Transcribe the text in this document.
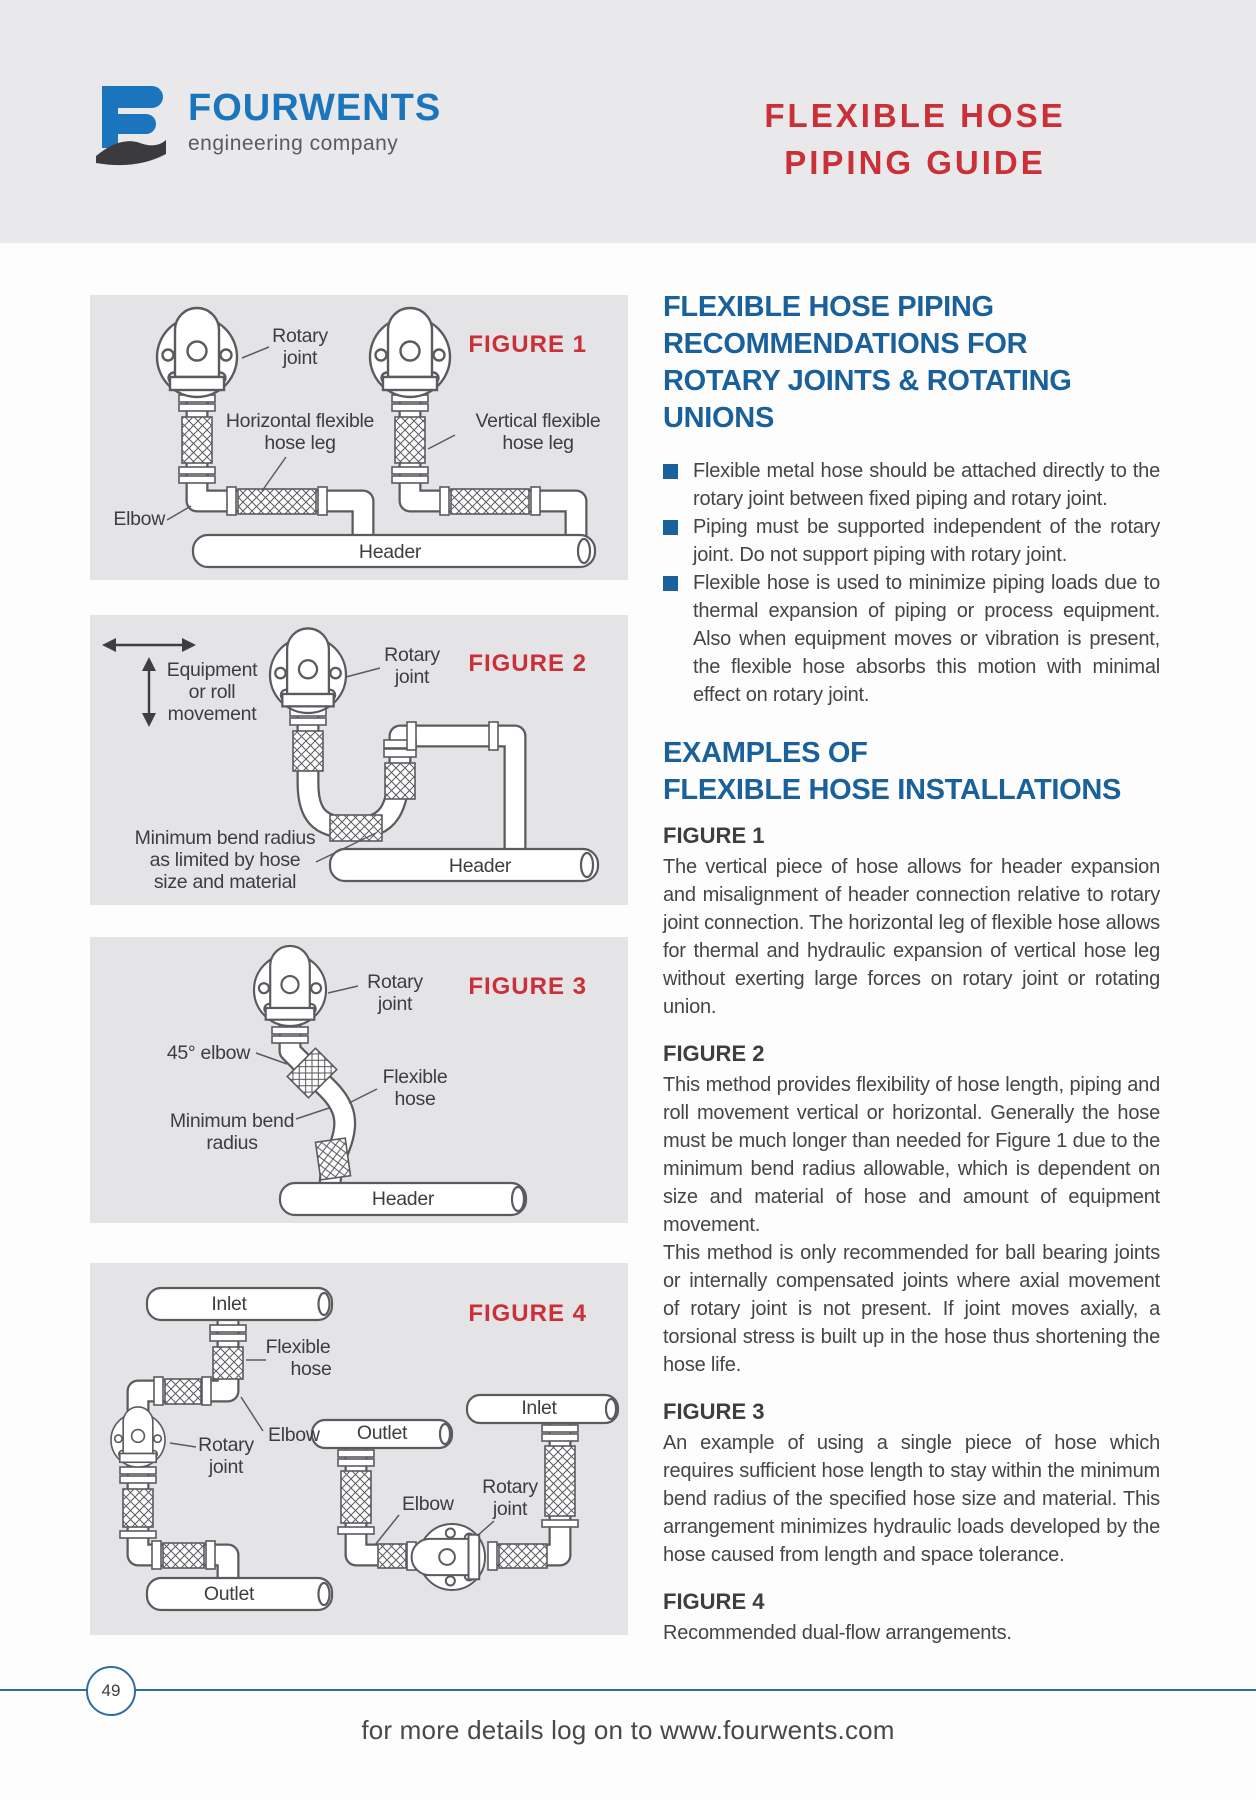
FOURWENTS
engineering company
FLEXIBLE HOSE
PIPING GUIDE
Rotary
joint
Horizontal flexible
hose leg
Vertical flexible
hose leg
Elbow
Header
FIGURE 1
Equipment
or roll
movement
Rotary
joint
Minimum bend radius
as limited by hose
size and material
Header
FIGURE 2
Rotary
joint
45° elbow
Flexible
hose
Minimum bend
radius
Header
FIGURE 3
Inlet
Flexible
hose
Elbow
Rotary
joint
Outlet
Outlet
Elbow
Rotary
joint
Inlet
FIGURE 4
FLEXIBLE HOSE PIPING
RECOMMENDATIONS FOR
ROTARY JOINTS & ROTATING UNIONS
Flexible metal hose should be attached directly to the rotary joint between fixed piping and rotary joint.
Piping must be supported independent of the rotary joint. Do not support piping with rotary joint.
Flexible hose is used to minimize piping loads due to thermal expansion of piping or process equipment. Also when equipment moves or vibration is present, the flexible hose absorbs this motion with minimal effect on rotary joint.
EXAMPLES OF
FLEXIBLE HOSE INSTALLATIONS
FIGURE 1

The vertical piece of hose allows for header expansion and misalignment of header connection relative to rotary joint connection. The horizontal leg of flexible hose allows for thermal and hydraulic expansion of vertical hose leg without exerting large forces on rotary joint or rotating union.

FIGURE 2

This method provides flexibility of hose length, piping and roll movement vertical or horizontal. Generally the hose must be much longer than needed for Figure 1 due to the minimum bend radius allowable, which is dependent on size and material of hose and amount of equipment movement.

This method is only recommended for ball bearing joints or internally compensated joints where axial movement of rotary joint is not present. If joint moves axially, a torsional stress is built up in the hose thus shortening the hose life.

FIGURE 3

An example of using a single piece of hose which requires sufficient hose length to stay within the minimum bend radius of the specified hose size and material. This arrangement minimizes hydraulic loads developed by the hose caused from length and space tolerance.

FIGURE 4

Recommended dual-flow arrangements.

49
for more details log on to www.fourwents.com
